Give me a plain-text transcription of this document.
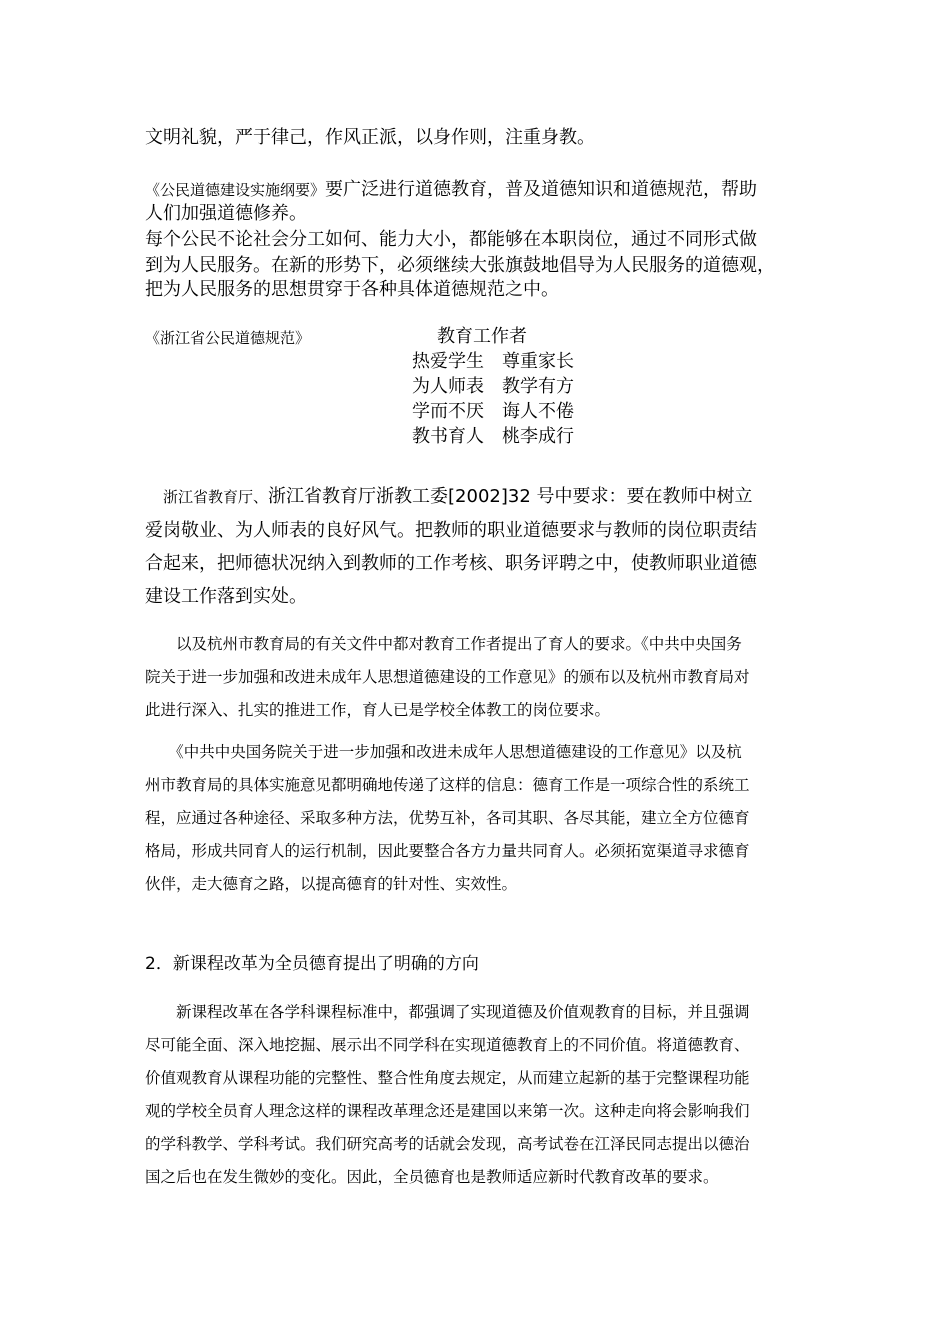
文明礼貌，严于律己，作风正派，以身作则，注重身教。
《公民道德建设实施纲要》要广泛进行道德教育，普及道德知识和道德规范，帮助
人们加强道德修养。
每个公民不论社会分工如何、能力大小，都能够在本职岗位，通过不同形式做
到为人民服务。在新的形势下，必须继续大张旗鼓地倡导为人民服务的道德观，
把为人民服务的思想贯穿于各种具体道德规范之中。
《浙江省公民道德规范》	教育工作者
热爱学生　尊重家长
为人师表　教学有方
学而不厌　诲人不倦
教书育人　桃李成行
　浙江省教育厅、浙江省教育厅浙教工委[2002]32 号中要求：要在教师中树立
爱岗敬业、为人师表的良好风气。把教师的职业道德要求与教师的岗位职责结
合起来，把师德状况纳入到教师的工作考核、职务评聘之中，使教师职业道德
建设工作落到实处。
　　以及杭州市教育局的有关文件中都对教育工作者提出了育人的要求。《中共中央国务
院关于进一步加强和改进未成年人思想道德建设的工作意见》的颁布以及杭州市教育局对
此进行深入、扎实的推进工作，育人已是学校全体教工的岗位要求。
　　《中共中央国务院关于进一步加强和改进未成年人思想道德建设的工作意见》以及杭
州市教育局的具体实施意见都明确地传递了这样的信息：德育工作是一项综合性的系统工
程，应通过各种途径、采取多种方法，优势互补，各司其职、各尽其能，建立全方位德育
格局，形成共同育人的运行机制，因此要整合各方力量共同育人。必须拓宽渠道寻求德育
伙伴，走大德育之路，以提高德育的针对性、实效性。
2．新课程改革为全员德育提出了明确的方向
　　新课程改革在各学科课程标准中，都强调了实现道德及价值观教育的目标，并且强调
尽可能全面、深入地挖掘、展示出不同学科在实现道德教育上的不同价值。将道德教育、
价值观教育从课程功能的完整性、整合性角度去规定，从而建立起新的基于完整课程功能
观的学校全员育人理念这样的课程改革理念还是建国以来第一次。这种走向将会影响我们
的学科教学、学科考试。我们研究高考的话就会发现，高考试卷在江泽民同志提出以德治
国之后也在发生微妙的变化。因此，全员德育也是教师适应新时代教育改革的要求。
